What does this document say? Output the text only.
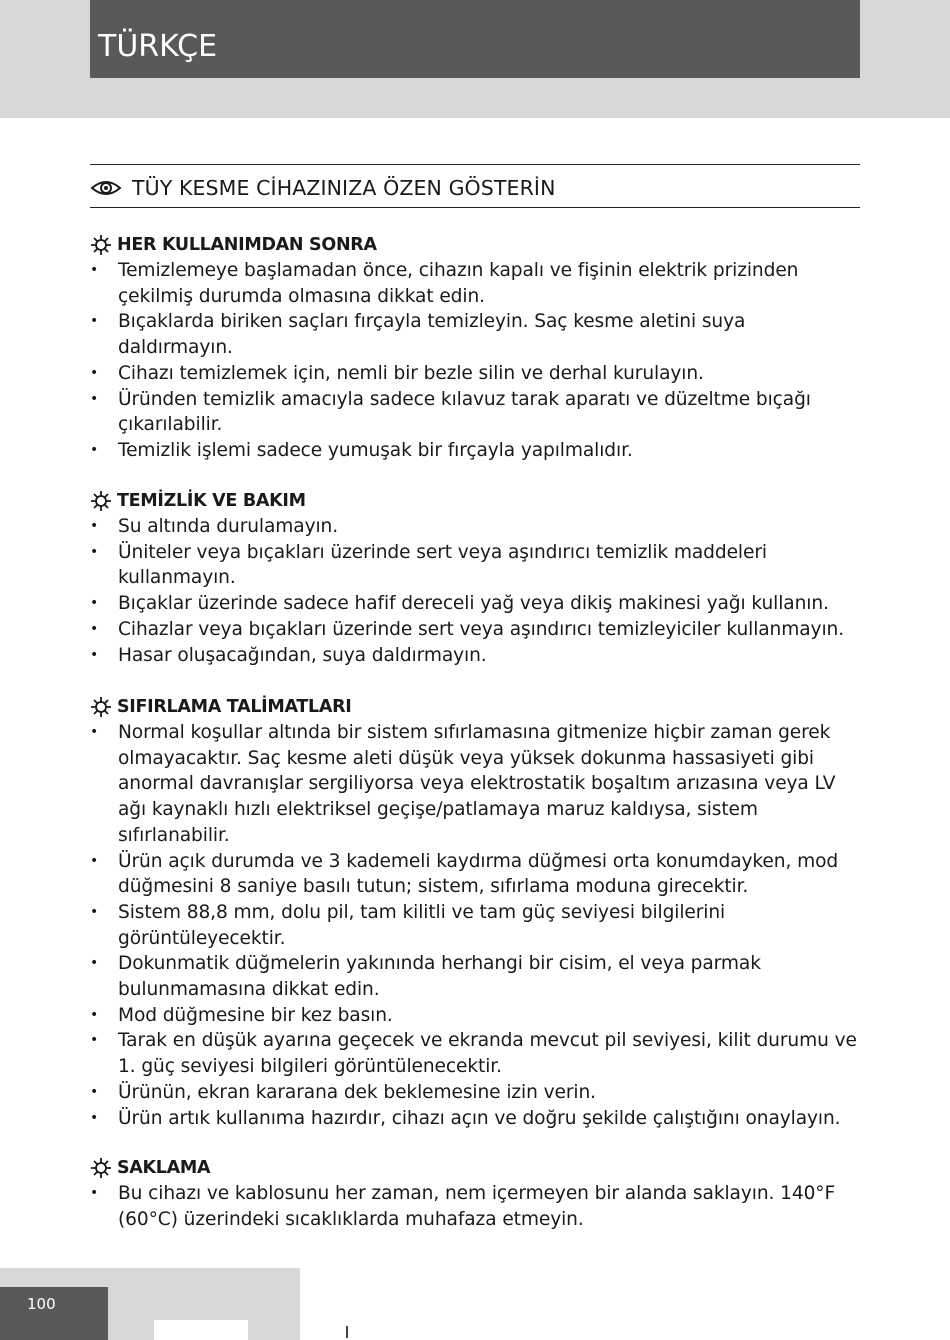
TÜRKÇE
TÜY KESME CİHAZINIZA ÖZEN GÖSTERİN
HER KULLANIMDAN SONRA
• Temizlemeye başlamadan önce, cihazın kapalı ve fişinin elektrik prizinden çekilmiş durumda olmasına dikkat edin.
• Bıçaklarda biriken saçları fırçayla temizleyin. Saç kesme aletini suya daldırmayın.
• Cihazı temizlemek için, nemli bir bezle silin ve derhal kurulayın.
• Üründen temizlik amacıyla sadece kılavuz tarak aparatı ve düzeltme bıçağı çıkarılabilir.
• Temizlik işlemi sadece yumuşak bir fırçayla yapılmalıdır.
TEMİZLİK VE BAKIM
• Su altında durulamayın.
• Üniteler veya bıçakları üzerinde sert veya aşındırıcı temizlik maddeleri kullanmayın.
• Bıçaklar üzerinde sadece hafif dereceli yağ veya dikiş makinesi yağı kullanın.
• Cihazlar veya bıçakları üzerinde sert veya aşındırıcı temizleyiciler kullanmayın.
• Hasar oluşacağından, suya daldırmayın.
SIFIRLAMA TALİMATLARI
• Normal koşullar altında bir sistem sıfırlamasına gitmenize hiçbir zaman gerek olmayacaktır. Saç kesme aleti düşük veya yüksek dokunma hassasiyeti gibi anormal davranışlar sergiliyorsa veya elektrostatik boşaltım arızasına veya LV ağı kaynaklı hızlı elektriksel geçişe/patlamaya maruz kaldıysa, sistem sıfırlanabilir.
• Ürün açık durumda ve 3 kademeli kaydırma düğmesi orta konumdayken, mod düğmesini 8 saniye basılı tutun; sistem, sıfırlama moduna girecektir.
• Sistem 88,8 mm, dolu pil, tam kilitli ve tam güç seviyesi bilgilerini görüntüleyecektir.
• Dokunmatik düğmelerin yakınında herhangi bir cisim, el veya parmak bulunmamasına dikkat edin.
• Mod düğmesine bir kez basın.
• Tarak en düşük ayarına geçecek ve ekranda mevcut pil seviyesi, kilit durumu ve 1. güç seviyesi bilgileri görüntülenecektir.
• Ürünün, ekran kararana dek beklemesine izin verin.
• Ürün artık kullanıma hazırdır, cihazı açın ve doğru şekilde çalıştığını onaylayın.
SAKLAMA
• Bu cihazı ve kablosunu her zaman, nem içermeyen bir alanda saklayın. 140°F (60°C) üzerindeki sıcaklıklarda muhafaza etmeyin.
100
